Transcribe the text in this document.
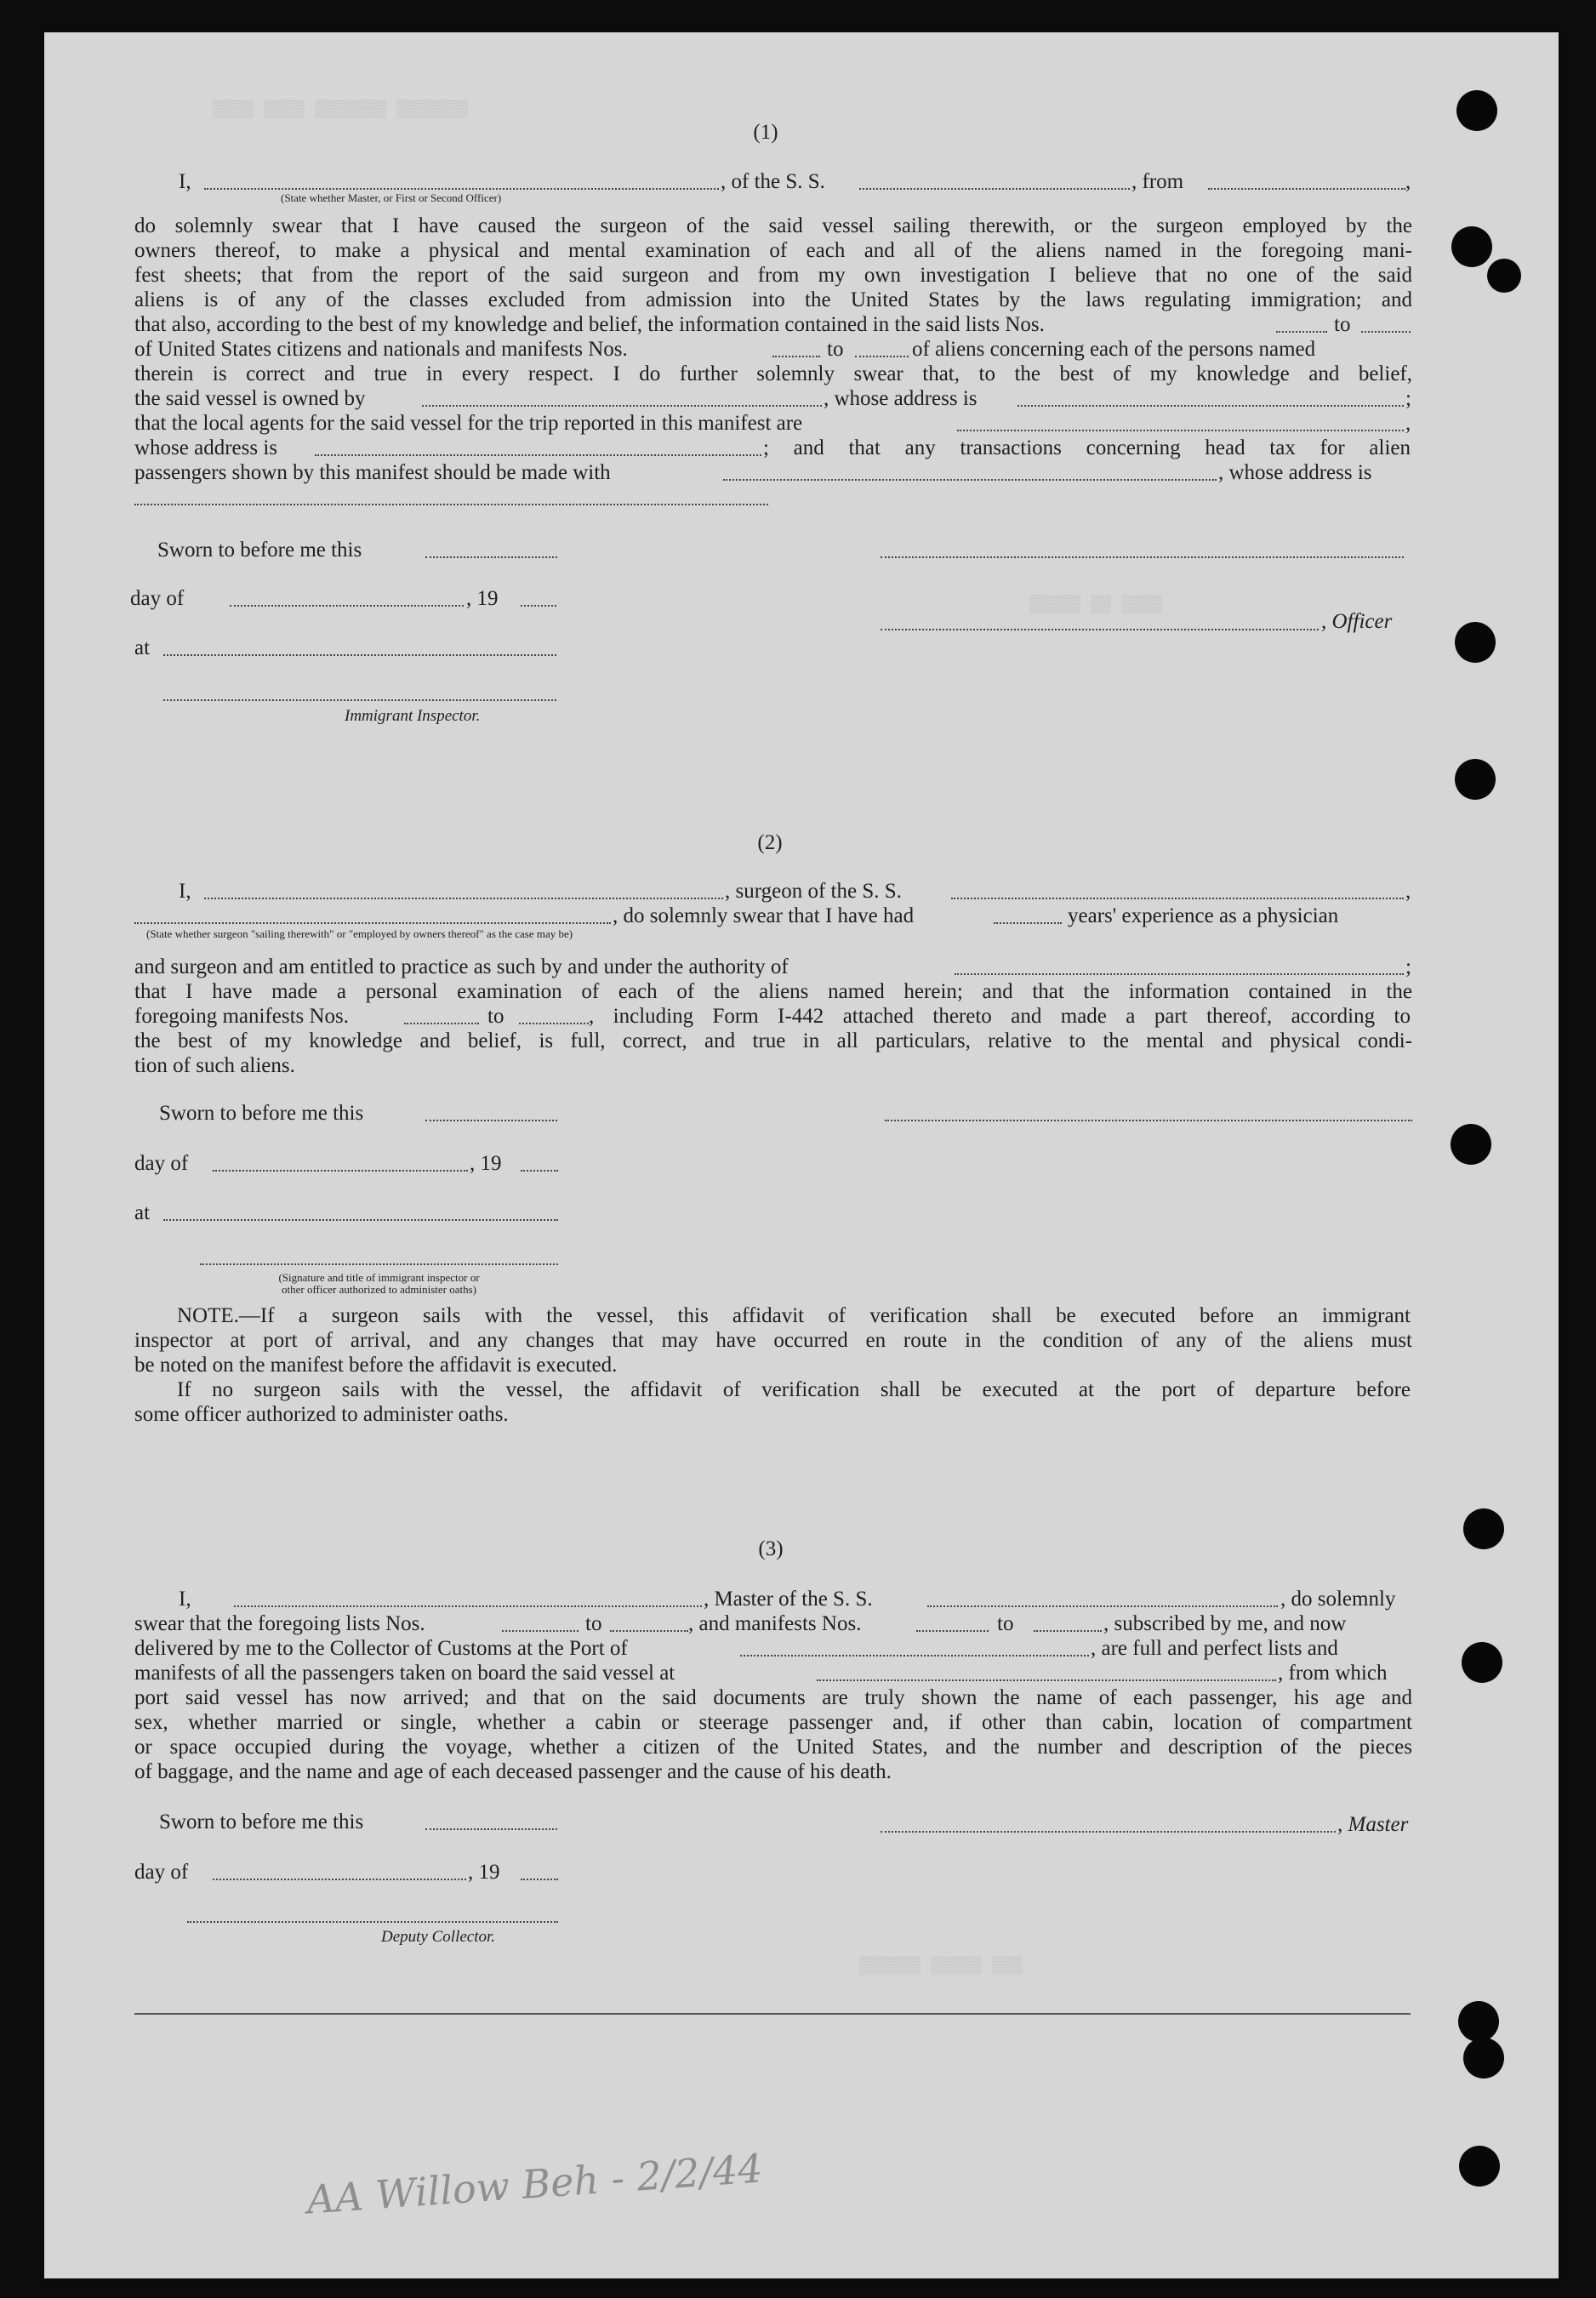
▒▒▒▒ ▒▒▒▒ ▒▒▒▒▒▒▒ ▒▒▒▒▒▒▒
▒▒▒▒▒ ▒▒ ▒▒▒▒
▒▒▒▒▒▒ ▒▒▒▒▒ ▒▒▒
(1)
I,	, of the S. S.	, from	,
(State whether Master, or First or Second Officer)
do solemnly swear that I have caused the surgeon of the said vessel sailing therewith, or the surgeon employed by the
owners thereof, to make a physical and mental examination of each and all of the aliens named in the foregoing mani-
fest sheets; that from the report of the said surgeon and from my own investigation I believe that no one of the said
aliens is of any of the classes excluded from admission into the United States by the laws regulating immigration; and
that also, according to the best of my knowledge and belief, the information contained in the said lists Nos.	to
of United States citizens and nationals and manifests Nos.	to	of aliens concerning each of the persons named
therein is correct and true in every respect. I do further solemnly swear that, to the best of my knowledge and belief,
the said vessel is owned by	, whose address is	;
that the local agents for the said vessel for the trip reported in this manifest are	,
whose address is	; and that any transactions concerning head tax for alien
passengers shown by this manifest should be made with	, whose address is
Sworn to before me this
day of	, 19
, Officer
at
Immigrant Inspector.
(2)
I,	, surgeon of the S. S.	,
, do solemnly swear that I have had	years' experience as a physician
(State whether surgeon "sailing therewith" or "employed by owners thereof" as the case may be)
and surgeon and am entitled to practice as such by and under the authority of	;
that I have made a personal examination of each of the aliens named herein; and that the information contained in the
foregoing manifests Nos.	to	, including Form I-442 attached thereto and made a part thereof, according to
the best of my knowledge and belief, is full, correct, and true in all particulars, relative to the mental and physical condi-
tion of such aliens.
Sworn to before me this
day of	, 19
at
(Signature and title of immigrant inspector or
other officer authorized to administer oaths)
NOTE.—If a surgeon sails with the vessel, this affidavit of verification shall be executed before an immigrant
inspector at port of arrival, and any changes that may have occurred en route in the condition of any of the aliens must
be noted on the manifest before the affidavit is executed.
If no surgeon sails with the vessel, the affidavit of verification shall be executed at the port of departure before
some officer authorized to administer oaths.
(3)
I,	, Master of the S. S.	, do solemnly
swear that the foregoing lists Nos.	to	, and manifests Nos.	to	, subscribed by me, and now
delivered by me to the Collector of Customs at the Port of	, are full and perfect lists and
manifests of all the passengers taken on board the said vessel at	, from which
port said vessel has now arrived; and that on the said documents are truly shown the name of each passenger, his age and
sex, whether married or single, whether a cabin or steerage passenger and, if other than cabin, location of compartment
or space occupied during the voyage, whether a citizen of the United States, and the number and description of the pieces
of baggage, and the name and age of each deceased passenger and the cause of his death.
Sworn to before me this	, Master
day of	, 19
Deputy Collector.
AA Willow Beh - 2/2/44
